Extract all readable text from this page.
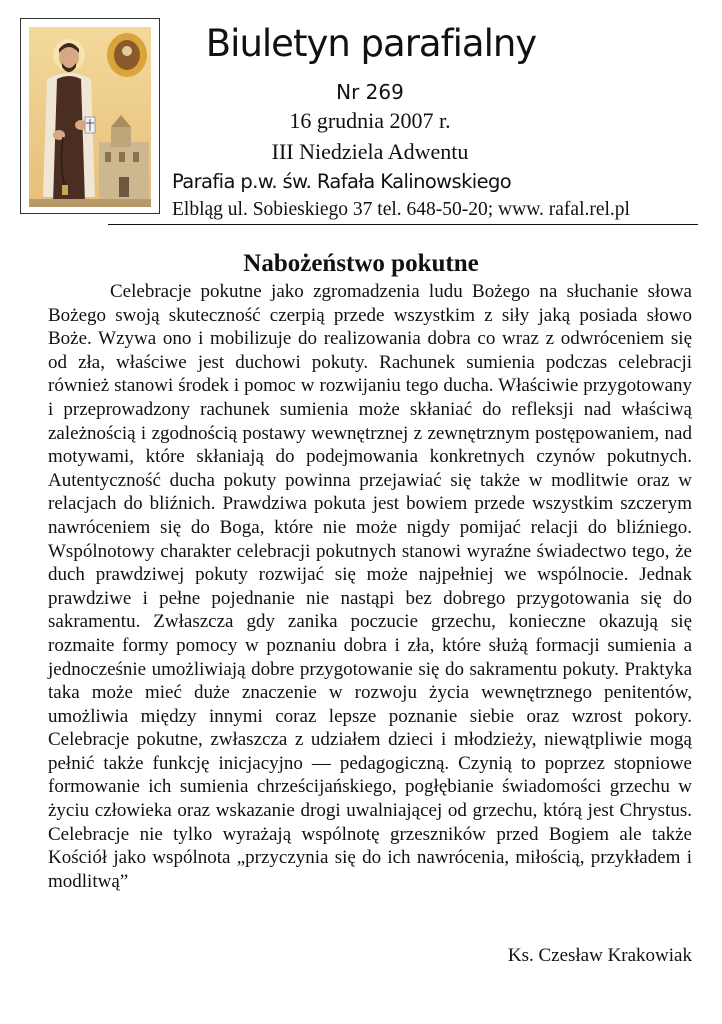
Biuletyn parafialny
Nr 269
16 grudnia 2007 r.
III Niedziela Adwentu
Parafia p.w. św. Rafała Kalinowskiego
Elbląg ul. Sobieskiego 37 tel. 648-50-20; www. rafal.rel.pl
Nabożeństwo pokutne

Celebracje pokutne jako zgromadzenia ludu Bożego na słuchanie słowa Bożego swoją skuteczność czerpią przede wszystkim z siły jaką posiada słowo Boże. Wzywa ono i mobilizuje do realizowania dobra co wraz z odwróceniem się od zła, właściwe jest duchowi pokuty. Rachunek sumienia podczas celebracji również stanowi środek i pomoc w rozwijaniu tego ducha. Właściwie przygotowany i przeprowadzony rachunek sumienia może skłaniać do refleksji nad właściwą zależnością i zgodnością postawy wewnętrznej z zewnętrznym postępowaniem, nad motywami, które skłaniają do podejmowania konkretnych czynów pokutnych. Autentyczność ducha pokuty powinna przejawiać się także w modlitwie oraz w relacjach do bliźnich. Prawdziwa pokuta jest bowiem przede wszystkim szczerym nawróceniem się do Boga, które nie może nigdy pomijać relacji do bliźniego. Wspólnotowy charakter celebracji pokutnych stanowi wyraźne świadectwo tego, że duch prawdziwej pokuty rozwijać się może najpełniej we wspólnocie. Jednak prawdziwe i pełne pojednanie nie nastąpi bez dobrego przygotowania się do sakramentu. Zwłaszcza gdy zanika poczucie grzechu, konieczne okazują się rozmaite formy pomocy w poznaniu dobra i zła, które służą formacji sumienia a jednocześnie umożliwiają dobre przygotowanie się do sakramentu pokuty. Praktyka taka może mieć duże znaczenie w rozwoju życia wewnętrznego penitentów, umożliwia między innymi coraz lepsze poznanie siebie oraz wzrost pokory. Celebracje pokutne, zwłaszcza z udziałem dzieci i młodzieży, niewątpliwie mogą pełnić także funkcję inicjacyjno — pedagogiczną. Czynią to poprzez stopniowe formowanie ich sumienia chrześcijańskiego, pogłębianie świadomości grzechu w życiu człowieka oraz wskazanie drogi uwalniającej od grzechu, którą jest Chrystus. Celebracje nie tylko wyrażają wspólnotę grzeszników przed Bogiem ale także Kościół jako wspólnota „przyczynia się do ich nawrócenia, miłością, przykładem i modlitwą”

Ks. Czesław Krakowiak
